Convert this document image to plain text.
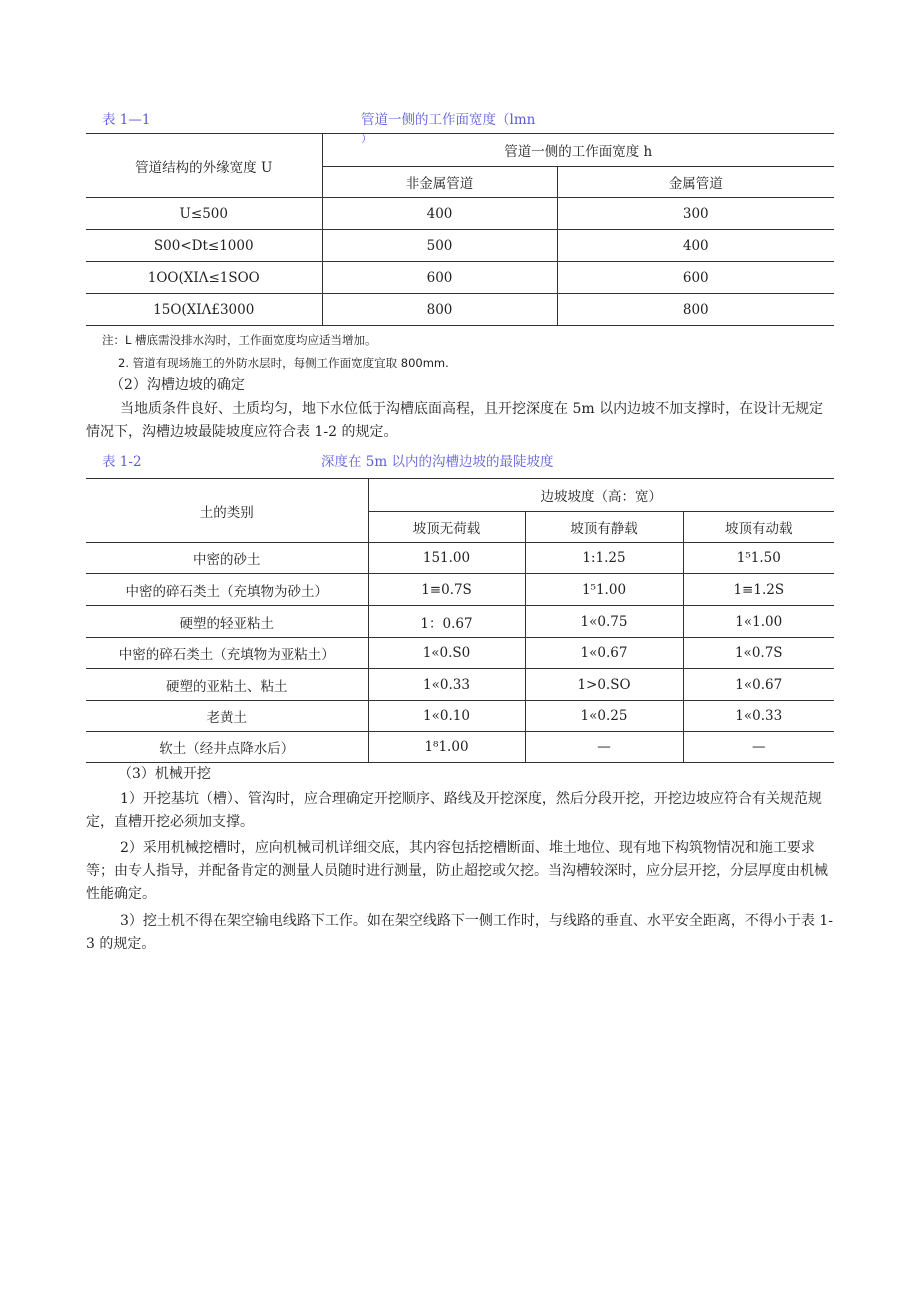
表 1—1	管道一侧的工作面宽度（lmn
）
管道结构的外缘宽度 U	管道一侧的工作面宽度 h	
	非金属管道	金属管道
U≤500	400	300
S00<Dt≤1000	500	400
1OO(XIΛ≤1SOO	600	600
15O(XIΛ£3000	800	800
注：L 槽底需没排水沟时，工作面宽度均应适当增加。
2. 管道有现场施工的外防水层时，每侧工作面宽度宜取 800mm.
（2）沟槽边坡的确定
当地质条件良好、土质均匀，地下水位低于沟槽底面高程，且开挖深度在 5m 以内边坡不加支撑时，在设计无规定情况下，沟槽边坡最陡坡度应符合表 1-2 的规定。
表 1-2	深度在 5m 以内的沟槽边坡的最陡坡度
土的类别	边坡坡度（高：宽）		
	坡顶无荷载	坡顶有静载	坡顶有动载
中密的砂土	151.00	1:1.25	1⁵1.50
中密的碎石类土（充填物为砂土）	1≡0.7S	1⁵1.00	1≡1.2S
硬塑的轻亚粘土	1：0.67	1«0.75	1«1.00
中密的碎石类土（充填物为亚粘土）	1«0.S0	1«0.67	1«0.7S
硬塑的亚粘土、粘土	1«0.33	1>0.SO	1«0.67
老黄土	1«0.10	1«0.25	1«0.33
软土（经井点降水后）	1⁸1.00	—	—
（3）机械开挖
1）开挖基坑（槽）、管沟时，应合理确定开挖顺序、路线及开挖深度，然后分段开挖，开挖边坡应符合有关规范规定，直槽开挖必须加支撑。
2）采用机械挖槽时，应向机械司机详细交底，其内容包括挖槽断面、堆土地位、现有地下构筑物情况和施工要求等；由专人指导，并配备肯定的测量人员随时进行测量，防止超挖或欠挖。当沟槽较深时，应分层开挖，分层厚度由机械性能确定。
3）挖土机不得在架空输电线路下工作。如在架空线路下一侧工作时，与线路的垂直、水平安全距离，不得小于表 1-3 的规定。
